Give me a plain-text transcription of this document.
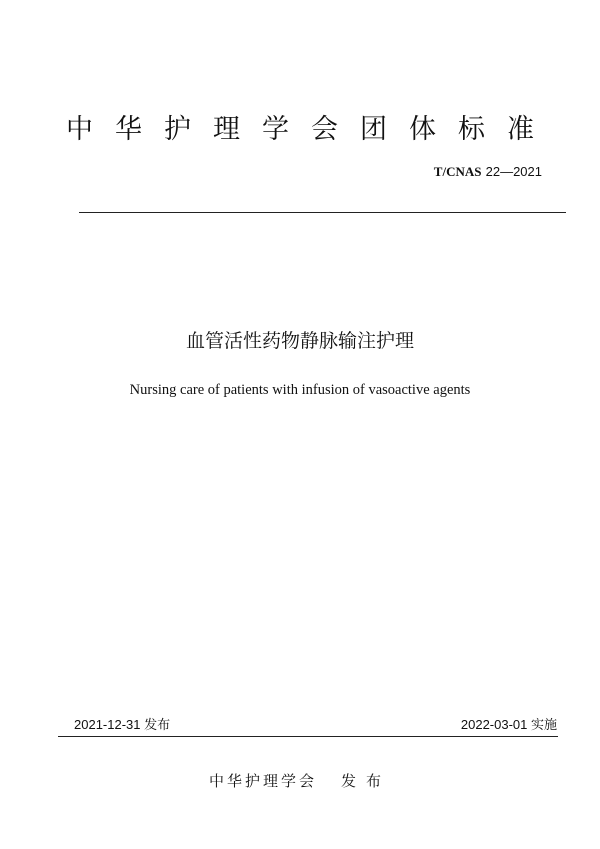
中华护理学会团体标准
T/CNAS 22—2021
血管活性药物静脉输注护理
Nursing care of patients with infusion of vasoactive agents
2021-12-31 发布	2022-03-01 实施
中华护理学会 发布
